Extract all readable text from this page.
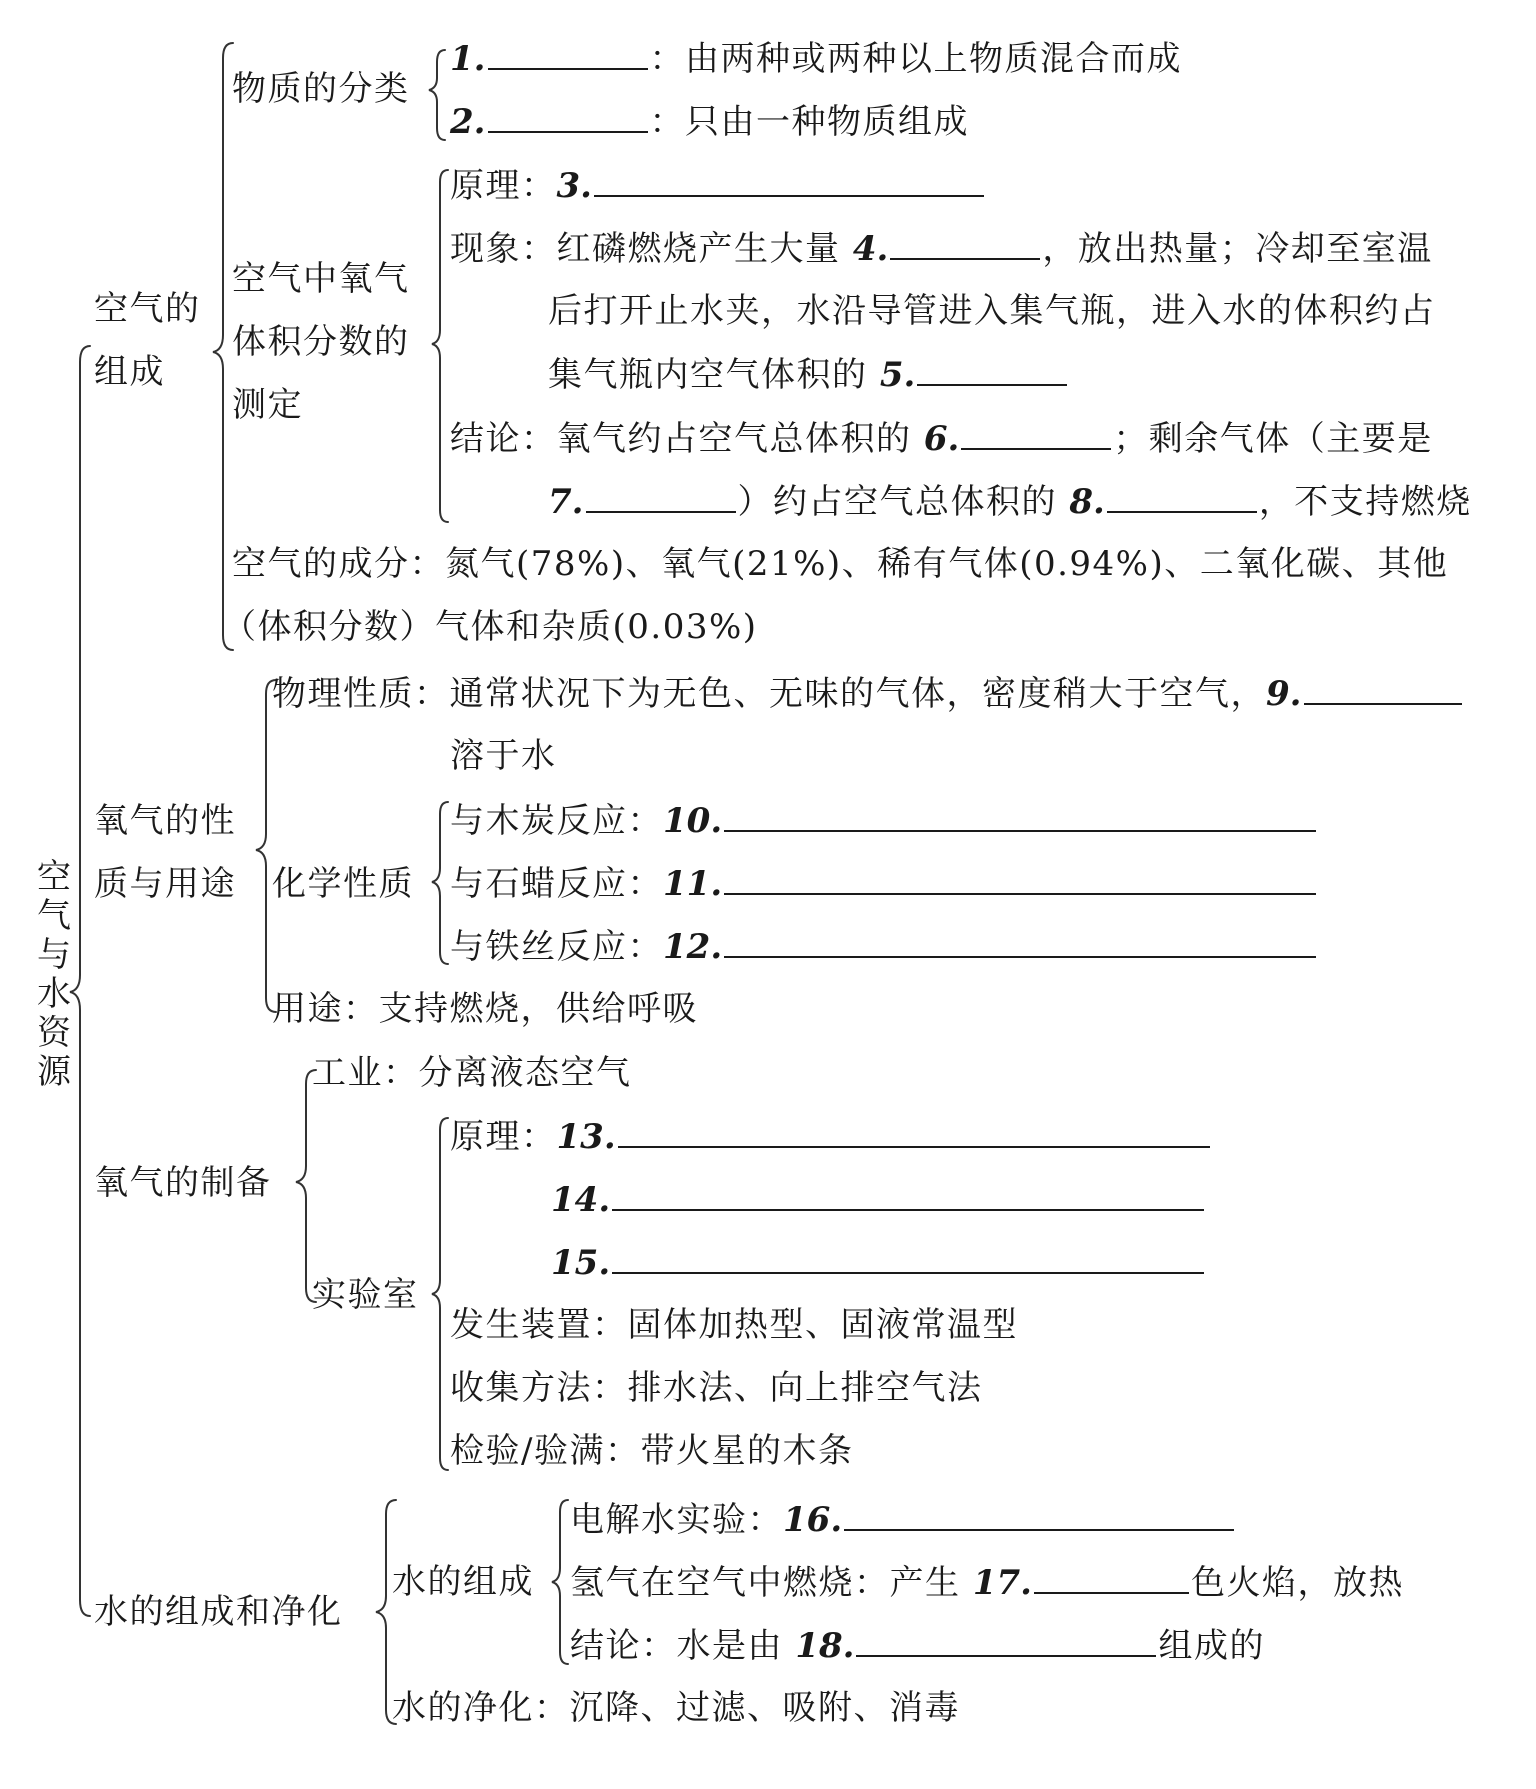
空气与水资源
空气的
组成
物质的分类
1.	：由两种或两种以上物质混合而成
2.	：只由一种物质组成
空气中氧气
体积分数的
测定
原理：3.
现象：红磷燃烧产生大量 4.	，放出热量；冷却至室温
后打开止水夹，水沿导管进入集气瓶，进入水的体积约占
集气瓶内空气体积的 5.
结论：氧气约占空气总体积的 6.	；剩余气体（主要是
7.	）约占空气总体积的 8.	，不支持燃烧
空气的成分：氮气(78%)、氧气(21%)、稀有气体(0.94%)、二氧化碳、其他
（体积分数）气体和杂质(0.03%)
氧气的性
质与用途
物理性质：通常状况下为无色、无味的气体，密度稍大于空气，9.
溶于水
化学性质
与木炭反应：10.
与石蜡反应：11.
与铁丝反应：12.
用途：支持燃烧，供给呼吸
氧气的制备
工业：分离液态空气
实验室
原理：13.
14.
15.
发生装置：固体加热型、固液常温型
收集方法：排水法、向上排空气法
检验/验满：带火星的木条
水的组成和净化
水的组成
电解水实验：16.
氢气在空气中燃烧：产生 17.	色火焰，放热
结论：水是由 18.	组成的
水的净化：沉降、过滤、吸附、消毒
